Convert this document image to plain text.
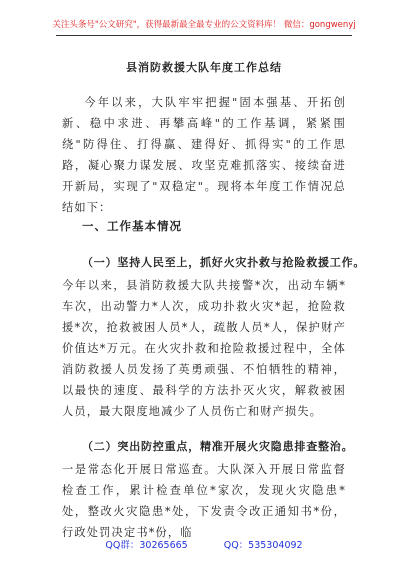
关注头条号"公文研究"，获得最新最全最专业的公文资料库！ 微信：gongwenyj
县消防救援大队年度工作总结

今年以来，大队牢牢把握"固本强基、开拓创新、稳中求进、再攀高峰"的工作基调，紧紧围绕"防得住、打得赢、建得好、抓得实"的工作思路，凝心聚力谋发展、攻坚克难抓落实、接续奋进开新局，实现了"双稳定"。现将本年度工作情况总结如下：

一、工作基本情况
（一）坚持人民至上，抓好火灾扑救与抢险救援工作。

今年以来，县消防救援大队共接警*次，出动车辆*车次，出动警力*人次，成功扑救火灾*起，抢险救援*次，抢救被困人员*人，疏散人员*人，保护财产价值达*万元。在火灾扑救和抢险救援过程中，全体消防救援人员发扬了英勇顽强、不怕牺牲的精神，以最快的速度、最科学的方法扑灭火灾，解救被困人员，最大限度地减少了人员伤亡和财产损失。

（二）突出防控重点，精准开展火灾隐患排查整治。

一是常态化开展日常巡查。大队深入开展日常监督检查工作，累计检查单位*家次，发现火灾隐患*处，整改火灾隐患*处，下发责令改正通知书*份，行政处罚决定书*份，临

QQ群：30265665	QQ：535304092
